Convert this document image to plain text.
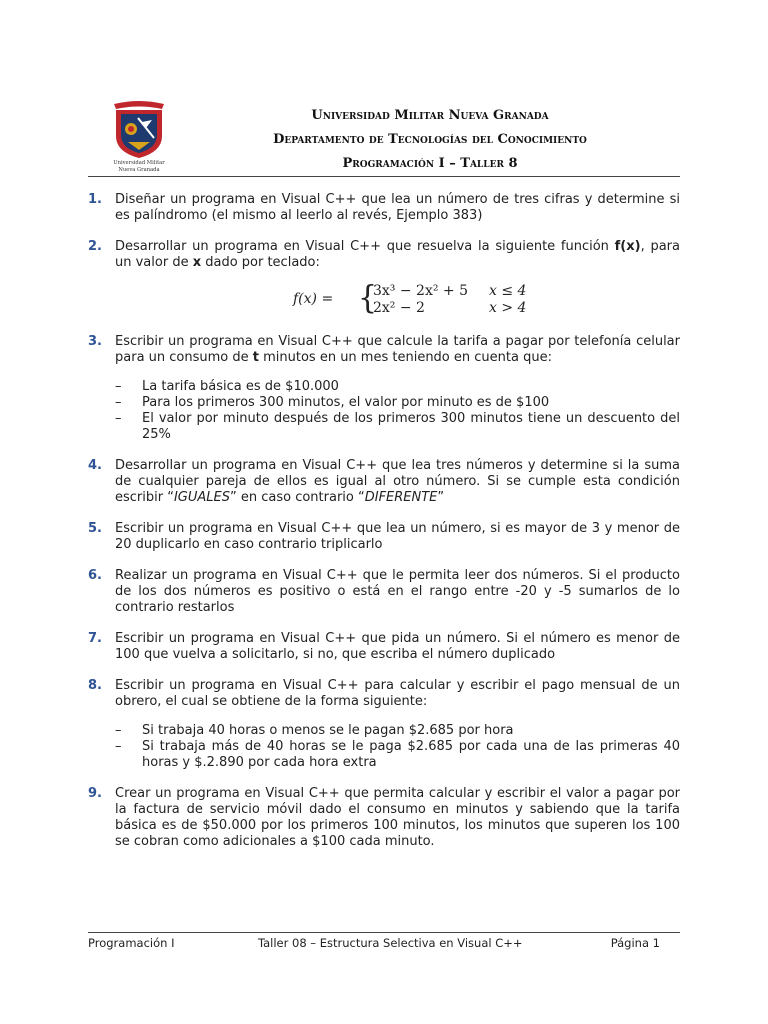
Universidad Militar
Nueva Granada
Universidad Militar Nueva Granada
Departamento de Tecnologías del Conocimiento
Programación I – Taller 8
1.	Diseñar un programa en Visual C++ que lea un número de tres cifras y determine si es palíndromo (el mismo al leerlo al revés, Ejemplo 383)

2.	Desarrollar un programa en Visual C++ que resuelva la siguiente función f(x), para un valor de x dado por teclado:

f(x) = {
3x³ − 2x² + 5 x ≤ 4
2x² − 2	x > 4
3.	Escribir un programa en Visual C++ que calcule la tarifa a pagar por telefonía celular para un consumo de t minutos en un mes teniendo en cuenta que:

–	La tarifa básica es de $10.000
–	Para los primeros 300 minutos, el valor por minuto es de $100
–	El valor por minuto después de los primeros 300 minutos tiene un descuento del 25%
4.	Desarrollar un programa en Visual C++ que lea tres números y determine si la suma de cualquier pareja de ellos es igual al otro número. Si se cumple esta condición escribir “IGUALES” en caso contrario “DIFERENTE”

5.	Escribir un programa en Visual C++ que lea un número, si es mayor de 3 y menor de 20 duplicarlo en caso contrario triplicarlo

6.	Realizar un programa en Visual C++ que le permita leer dos números. Si el producto de los dos números es positivo o está en el rango entre -20 y -5 sumarlos de lo contrario restarlos

7.	Escribir un programa en Visual C++ que pida un número. Si el número es menor de 100 que vuelva a solicitarlo, si no, que escriba el número duplicado

8.	Escribir un programa en Visual C++ para calcular y escribir el pago mensual de un obrero, el cual se obtiene de la forma siguiente:

–	Si trabaja 40 horas o menos se le pagan $2.685 por hora
–	Si trabaja más de 40 horas se le paga $2.685 por cada una de las primeras 40 horas y $.2.890 por cada hora extra
9.	Crear un programa en Visual C++ que permita calcular y escribir el valor a pagar por la factura de servicio móvil dado el consumo en minutos y sabiendo que la tarifa básica es de $50.000 por los primeros 100 minutos, los minutos que superen los 100 se cobran como adicionales a $100 cada minuto.

Programación I	Taller 08 – Estructura Selectiva en Visual C++	Página 1
